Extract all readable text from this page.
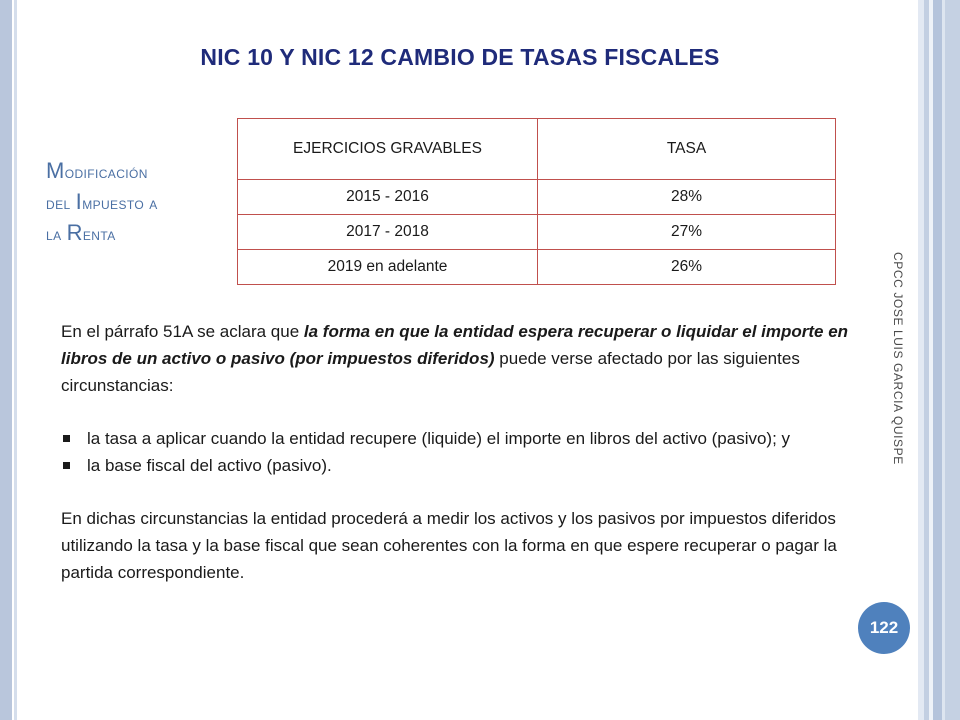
NIC 10 Y NIC 12 CAMBIO DE TASAS FISCALES
Modificación
del Impuesto a
la Renta
EJERCICIOS GRAVABLES	TASA
2015 - 2016	28%
2017 - 2018	27%
2019 en adelante	26%

En el párrafo 51A se aclara que la forma en que la entidad espera recuperar o liquidar el importe en libros de un activo o pasivo (por impuestos diferidos) puede verse afectado por las siguientes circunstancias:

la tasa a aplicar cuando la entidad recupere (liquide) el importe en libros del activo (pasivo); y
la base fiscal del activo (pasivo).

En dichas circunstancias la entidad procederá a medir los activos y los pasivos por impuestos diferidos utilizando la tasa y la base fiscal que sean coherentes con la forma en que espere recuperar o pagar la partida correspondiente.

CPCC JOSE LUIS GARCIA QUISPE
122
